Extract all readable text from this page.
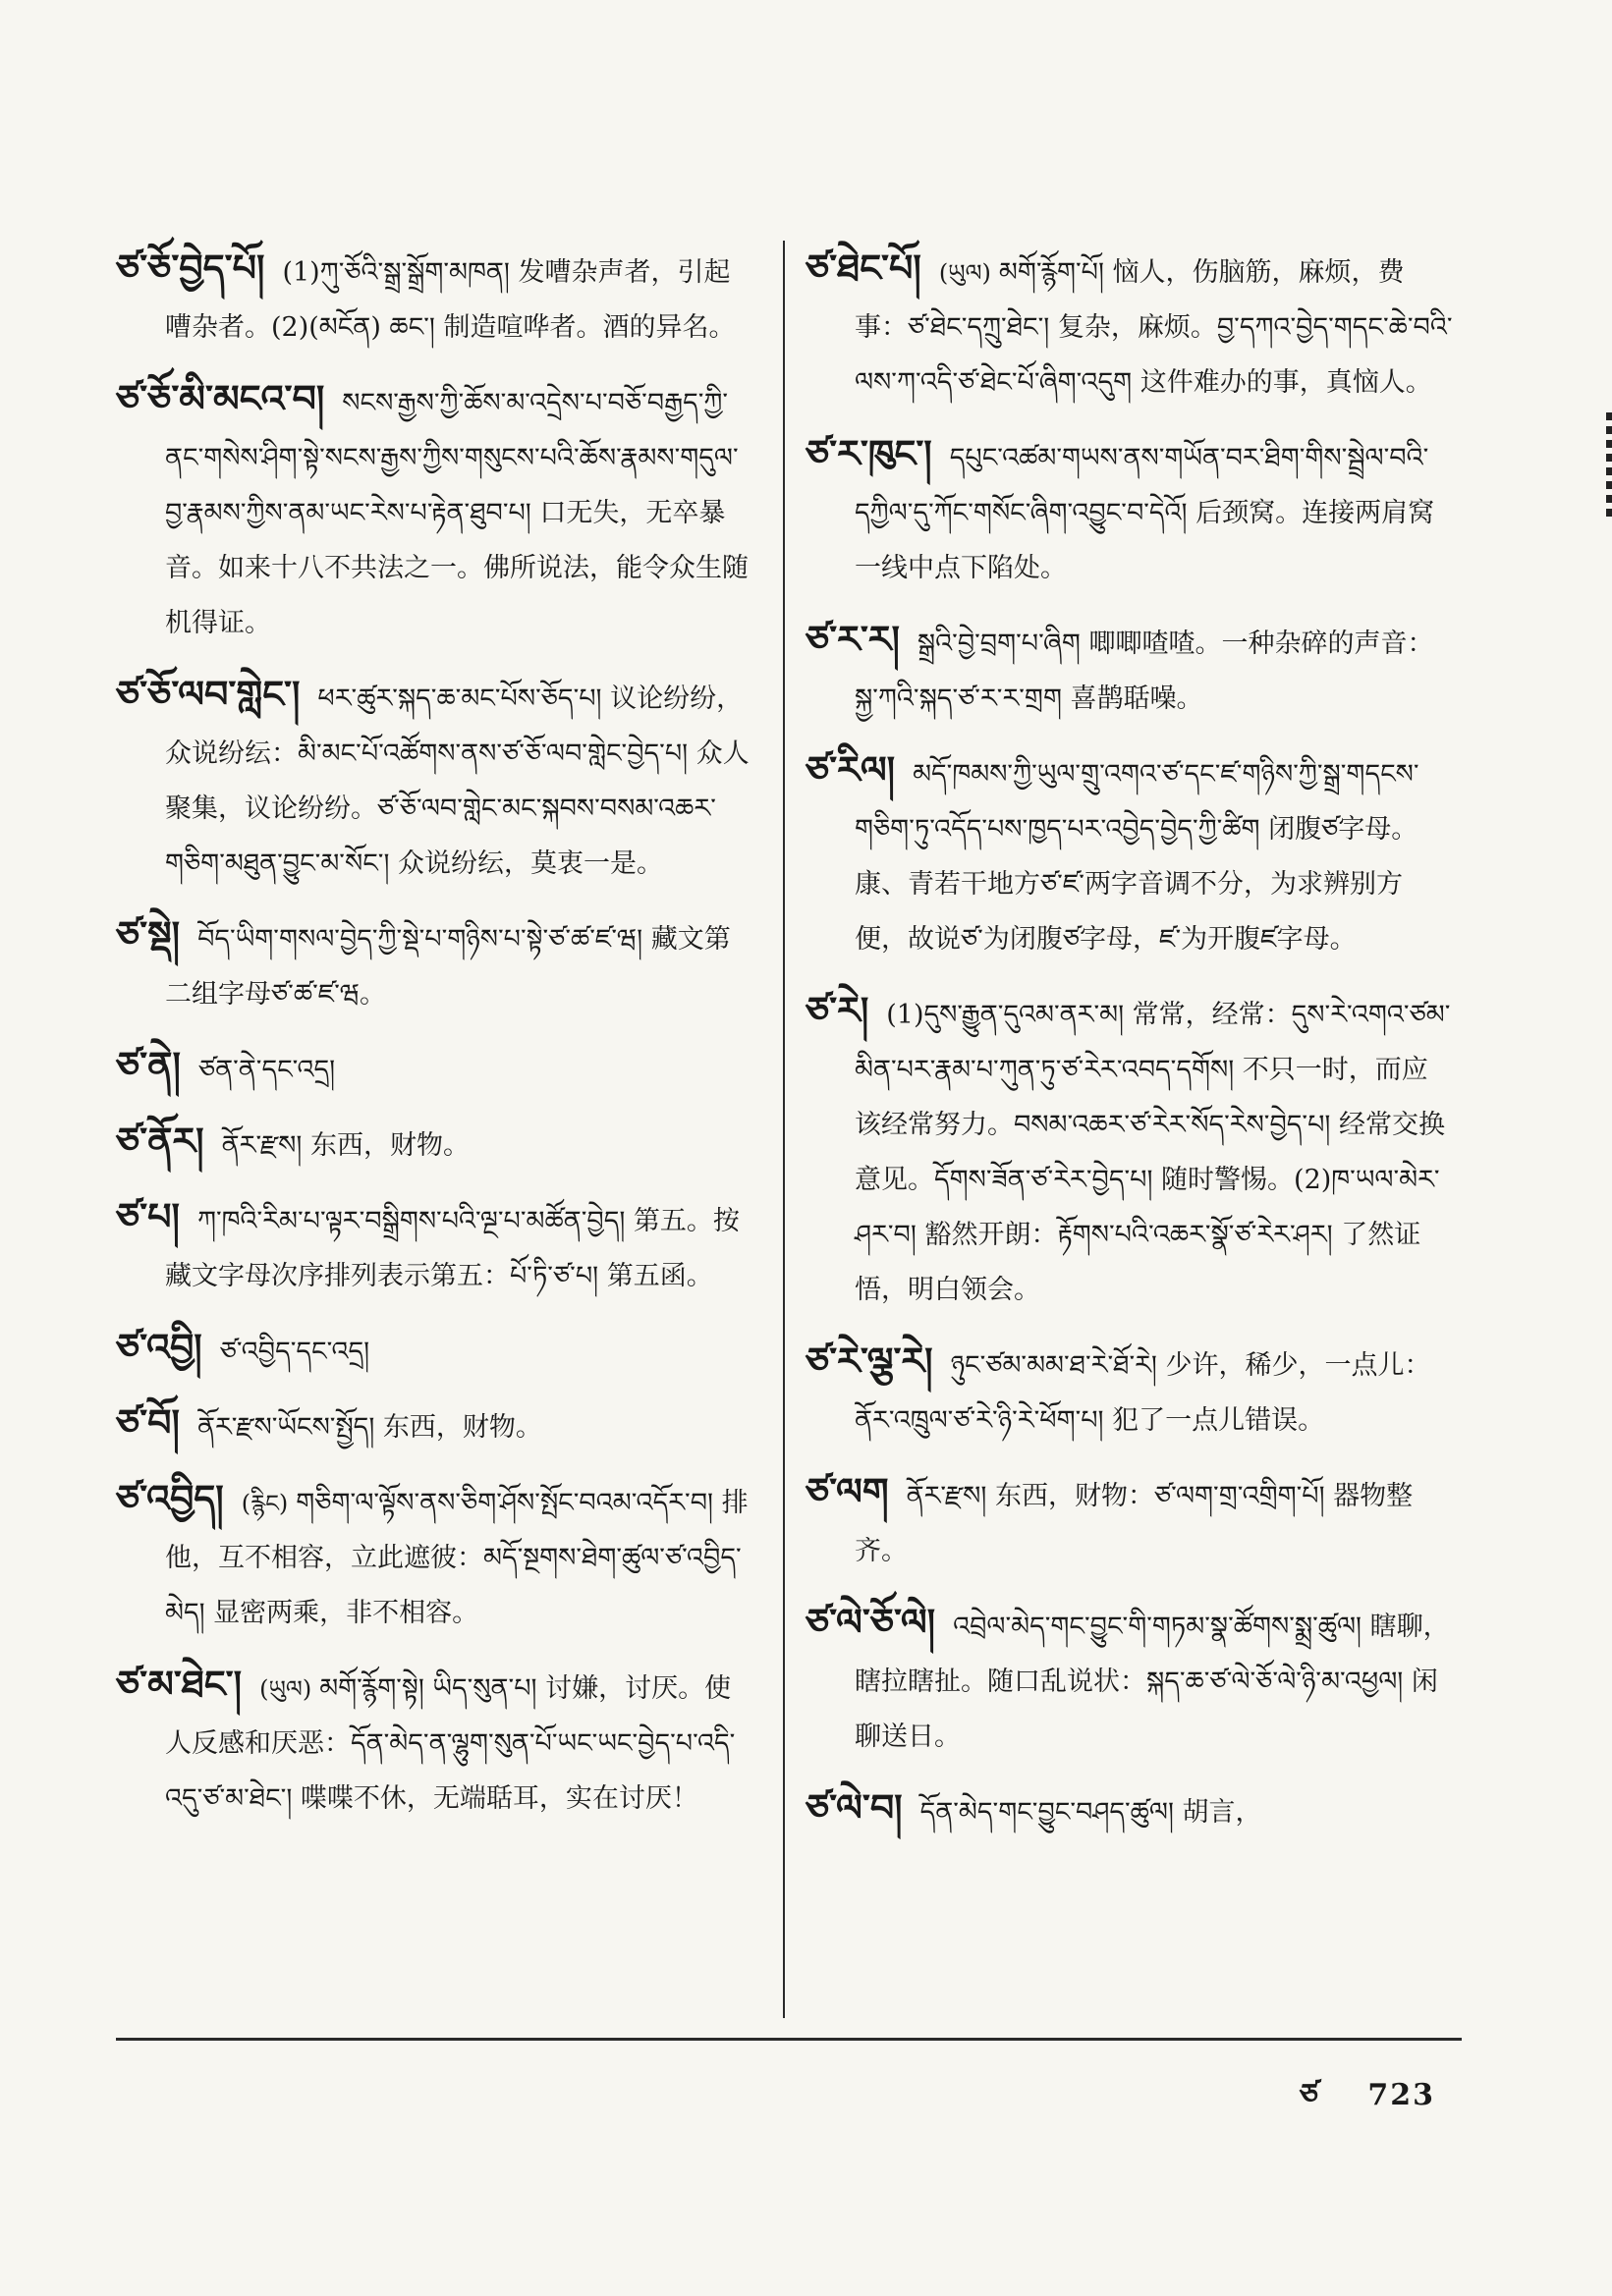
ཙ་ཅོ་བྱེད་པོ། (1)ཀུ་ཅོའི་སྒྲ་སྒྲོག་མཁན། 发嘈杂声者，引起嘈杂者。(2)(མངོན) ཆང་། 制造喧哗者。酒的异名。
ཙ་ཅོ་མི་མངའ་བ། སངས་རྒྱས་ཀྱི་ཆོས་མ་འདྲེས་པ་བཅོ་བརྒྱད་ཀྱི་ནང་གསེས་ཤིག་སྟེ་སངས་རྒྱས་ཀྱིས་གསུངས་པའི་ཆོས་རྣམས་གདུལ་བྱ་རྣམས་ཀྱིས་ནམ་ཡང་རེས་པ་རྟེན་ཐུབ་པ། 口无失，无卒暴音。如来十八不共法之一。佛所说法，能令众生随机得证。
ཙ་ཅོ་ལབ་གླེང་། ཕར་ཚུར་སྐད་ཆ་མང་པོས་ཅོད་པ། 议论纷纷，众说纷纭：མི་མང་པོ་འཚོགས་ནས་ཙ་ཅོ་ལབ་གླེང་བྱེད་པ། 众人聚集，议论纷纷。ཙ་ཅོ་ལབ་གླེང་མང་སྐབས་བསམ་འཆར་གཅིག་མཐུན་བྱུང་མ་སོང་། 众说纷纭，莫衷一是。
ཙ་སྡེ། བོད་ཡིག་གསལ་བྱེད་ཀྱི་སྡེ་པ་གཉིས་པ་སྟེ་ཙ་ཚ་ཛ་ཝ། 藏文第二组字母ཙ་ཚ་ཛ་ཝ。
ཙ་ནེ། ཙན་ནེ་དང་འདྲ།
ཙ་ནོར། ནོར་རྫས། 东西，财物。
ཙ་པ། ཀ་ཁའི་རིམ་པ་ལྟར་བསྒྲིགས་པའི་ལྔ་པ་མཚོན་བྱེད། 第五。按藏文字母次序排列表示第五：པོ་ཏི་ཙ་པ། 第五函。
ཙ་འབྱི། ཙ་འབྱིད་དང་འདྲ།
ཙ་བོ། ནོར་རྫས་ཡོངས་སྤྱོད། 东西，财物。
ཙ་འབྱིད། (རྙིང) གཅིག་ལ་ལྟོས་ནས་ཅིག་ཤོས་སྤོང་བའམ་འདོར་བ། 排他，互不相容，立此遮彼：མདོ་སྔགས་ཐེག་ཚུལ་ཙ་འབྱིད་མེད། 显密两乘，非不相容。
ཙ་མ་ཐེང་། (ཡུལ) མགོ་རྙོག་སྟེ། ཡིད་སུན་པ། 讨嫌，讨厌。使人反感和厌恶：དོན་མེད་ན་ལྷུག་སུན་པོ་ཡང་ཡང་བྱེད་པ་འདི་འདུ་ཙ་མ་ཐེང་། 喋喋不休，无端聒耳，实在讨厌！
ཙ་ཐེང་པོ། (ཡུལ) མགོ་རྙོག་པོ། 恼人，伤脑筋，麻烦，费事：ཙ་ཐེང་དཀྲུ་ཐེང་། 复杂，麻烦。བྱ་དཀའ་བྱེད་གདང་ཆེ་བའི་ལས་ཀ་འདི་ཙ་ཐེང་པོ་ཞིག་འདུག 这件难办的事，真恼人。
ཙ་ར་ཁུང་། དཔུང་འཚམ་གཡས་ནས་གཡོན་བར་ཐིག་གིས་སྦྲེལ་བའི་དཀྱིལ་དུ་ཀོང་གསོང་ཞིག་འབྱུང་བ་དེའོ། 后颈窝。连接两肩窝一线中点下陷处。
ཙ་ར་ར། སྒྲའི་བྱེ་བྲག་པ་ཞིག 唧唧喳喳。一种杂碎的声音：སྐྱ་ཀའི་སྐད་ཙ་ར་ར་གྲག 喜鹊聒噪。
ཙ་རིལ། མདོ་ཁམས་ཀྱི་ཡུལ་གྲུ་འགའ་ཙ་དང་ཛ་གཉིས་ཀྱི་སྒྲ་གདངས་གཅིག་ཏུ་འདོད་པས་ཁྱད་པར་འབྱེད་བྱེད་ཀྱི་ཚིག 闭腹ཙ字母。康、青若干地方ཙ་ཛ་两字音调不分，为求辨别方便，故说ཙ་为闭腹ཙ字母，ཛ་为开腹ཛ字母。
ཙ་རེ། (1)དུས་རྒྱུན་དུའམ་ནར་མ། 常常，经常：དུས་རེ་འགའ་ཙམ་མིན་པར་རྣམ་པ་ཀུན་ཏུ་ཙ་རེར་འབད་དགོས། 不只一时，而应该经常努力。བསམ་འཆར་ཙ་རེར་སོད་རེས་བྱེད་པ། 经常交换意见。དོགས་ཟོན་ཙ་རེར་བྱེད་པ། 随时警惕。(2)ཁ་ཡལ་མེར་ཤར་བ། 豁然开朗：རྟོགས་པའི་འཆར་སྣོ་ཙ་རེར་ཤར། 了然证悟，明白领会。
ཙ་རེ་ལྕ་རེ། ཉུང་ཙམ་མམ་ཐ་རེ་ཐོ་རེ། 少许，稀少，一点儿：ནོར་འཁྲུལ་ཙ་རེ་ཉི་རེ་ཕོག་པ། 犯了一点儿错误。
ཙ་ལག ནོར་རྫས། 东西，财物：ཙ་ལག་གྲ་འགྲིག་པོ། 器物整齐。
ཙ་ལེ་ཅོ་ལེ། འབྲེལ་མེད་གང་བྱུང་གི་གཏམ་སྣ་ཚོགས་སྨྲ་ཚུལ། 瞎聊，瞎拉瞎扯。随口乱说状：སྐད་ཆ་ཙ་ལེ་ཅོ་ལེ་ཉི་མ་འཕྱལ། 闲聊送日。
ཙ་ལེ་བ། དོན་མེད་གང་བྱུང་བཤད་ཚུལ། 胡言，
ཙ 723
